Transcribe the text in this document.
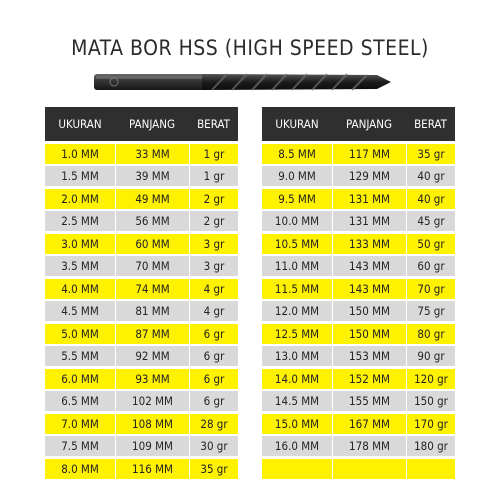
MATA BOR HSS (HIGH SPEED STEEL)
UKURAN	PANJANG	BERAT
1.0 MM	33 MM	1 gr
1.5 MM	39 MM	1 gr
2.0 MM	49 MM	2 gr
2.5 MM	56 MM	2 gr
3.0 MM	60 MM	3 gr
3.5 MM	70 MM	3 gr
4.0 MM	74 MM	4 gr
4.5 MM	81 MM	4 gr
5.0 MM	87 MM	6 gr
5.5 MM	92 MM	6 gr
6.0 MM	93 MM	6 gr
6.5 MM	102 MM	6 gr
7.0 MM	108 MM	28 gr
7.5 MM	109 MM	30 gr
8.0 MM	116 MM	35 gr
UKURAN	PANJANG	BERAT
8.5 MM	117 MM	35 gr
9.0 MM	129 MM	40 gr
9.5 MM	131 MM	40 gr
10.0 MM	131 MM	45 gr
10.5 MM	133 MM	50 gr
11.0 MM	143 MM	60 gr
11.5 MM	143 MM	70 gr
12.0 MM	150 MM	75 gr
12.5 MM	150 MM	80 gr
13.0 MM	153 MM	90 gr
14.0 MM	152 MM	120 gr
14.5 MM	155 MM	150 gr
15.0 MM	167 MM	170 gr
16.0 MM	178 MM	180 gr
